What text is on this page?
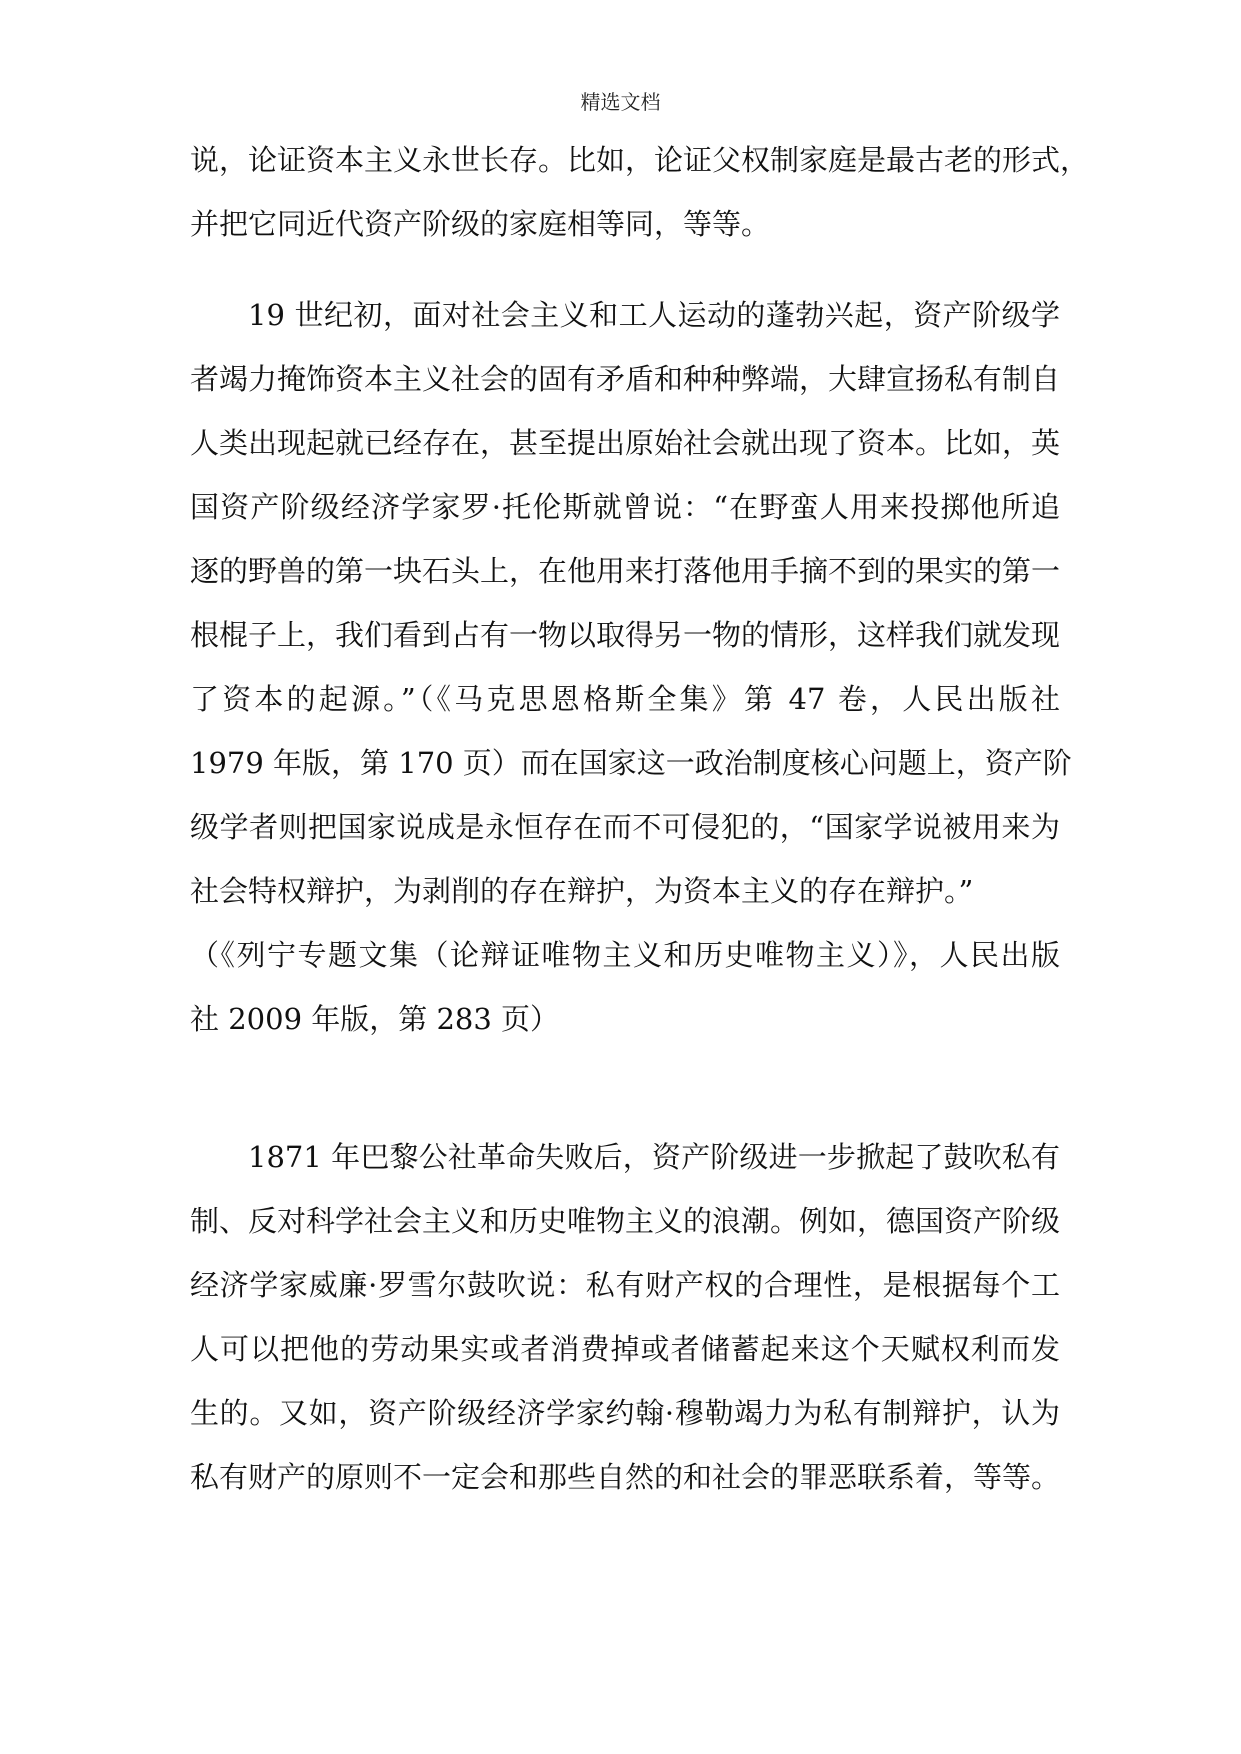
精选文档
说，论证资本主义永世长存。比如，论证父权制家庭是最古老的形式，
并把它同近代资产阶级的家庭相等同，等等。
19 世纪初，面对社会主义和工人运动的蓬勃兴起，资产阶级学
者竭力掩饰资本主义社会的固有矛盾和种种弊端，大肆宣扬私有制自
人类出现起就已经存在，甚至提出原始社会就出现了资本。比如，英
国资产阶级经济学家罗·托伦斯就曾说：“在野蛮人用来投掷他所追
逐的野兽的第一块石头上，在他用来打落他用手摘不到的果实的第一
根棍子上，我们看到占有一物以取得另一物的情形，这样我们就发现
了资本的起源。”（《马克思恩格斯全集》第 47 卷，人民出版社
1979 年版，第 170 页）而在国家这一政治制度核心问题上，资产阶
级学者则把国家说成是永恒存在而不可侵犯的，“国家学说被用来为
社会特权辩护，为剥削的存在辩护，为资本主义的存在辩护。”
（《列宁专题文集（论辩证唯物主义和历史唯物主义）》，人民出版
社 2009 年版，第 283 页）
1871 年巴黎公社革命失败后，资产阶级进一步掀起了鼓吹私有
制、反对科学社会主义和历史唯物主义的浪潮。例如，德国资产阶级
经济学家威廉·罗雪尔鼓吹说：私有财产权的合理性，是根据每个工
人可以把他的劳动果实或者消费掉或者储蓄起来这个天赋权利而发
生的。又如，资产阶级经济学家约翰·穆勒竭力为私有制辩护，认为
私有财产的原则不一定会和那些自然的和社会的罪恶联系着，等等。
